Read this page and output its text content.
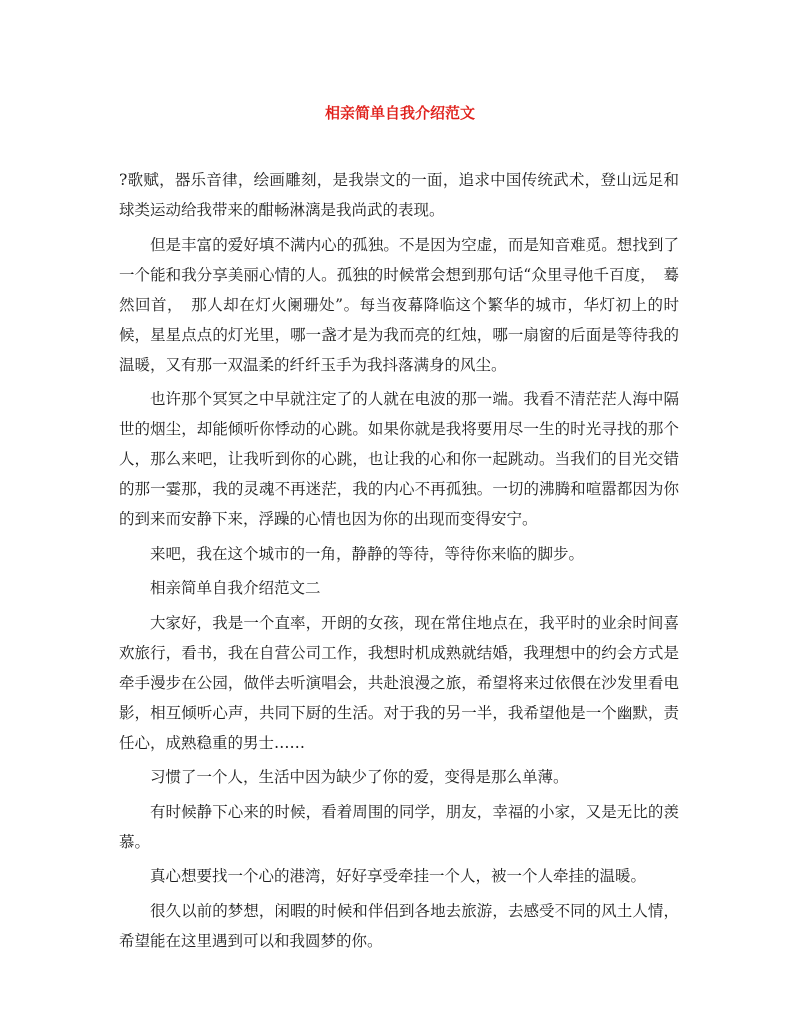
相亲简单自我介绍范文

?歌赋，器乐音律，绘画雕刻，是我崇文的一面，追求中国传统武术，登山远足和球类运动给我带来的酣畅淋漓是我尚武的表现。

但是丰富的爱好填不满内心的孤独。不是因为空虚，而是知音难觅。想找到了一个能和我分享美丽心情的人。孤独的时候常会想到那句话“众里寻他千百度，　蓦然回首，　那人却在灯火阑珊处”。每当夜幕降临这个繁华的城市，华灯初上的时候，星星点点的灯光里，哪一盏才是为我而亮的红烛，哪一扇窗的后面是等待我的温暖，又有那一双温柔的纤纤玉手为我抖落满身的风尘。

也许那个冥冥之中早就注定了的人就在电波的那一端。我看不清茫茫人海中隔世的烟尘，却能倾听你悸动的心跳。如果你就是我将要用尽一生的时光寻找的那个人，那么来吧，让我听到你的心跳，也让我的心和你一起跳动。当我们的目光交错的那一霎那，我的灵魂不再迷茫，我的内心不再孤独。一切的沸腾和喧嚣都因为你的到来而安静下来，浮躁的心情也因为你的出现而变得安宁。

来吧，我在这个城市的一角，静静的等待，等待你来临的脚步。

相亲简单自我介绍范文二

大家好，我是一个直率，开朗的女孩，现在常住地点在，我平时的业余时间喜欢旅行，看书，我在自营公司工作，我想时机成熟就结婚，我理想中的约会方式是牵手漫步在公园，做伴去听演唱会，共赴浪漫之旅，希望将来过依偎在沙发里看电影，相互倾听心声，共同下厨的生活。对于我的另一半，我希望他是一个幽默，责任心，成熟稳重的男士……

习惯了一个人，生活中因为缺少了你的爱，变得是那么单薄。

有时候静下心来的时候，看着周围的同学，朋友，幸福的小家，又是无比的羡慕。

真心想要找一个心的港湾，好好享受牵挂一个人，被一个人牵挂的温暖。

很久以前的梦想，闲暇的时候和伴侣到各地去旅游，去感受不同的风土人情，希望能在这里遇到可以和我圆梦的你。
